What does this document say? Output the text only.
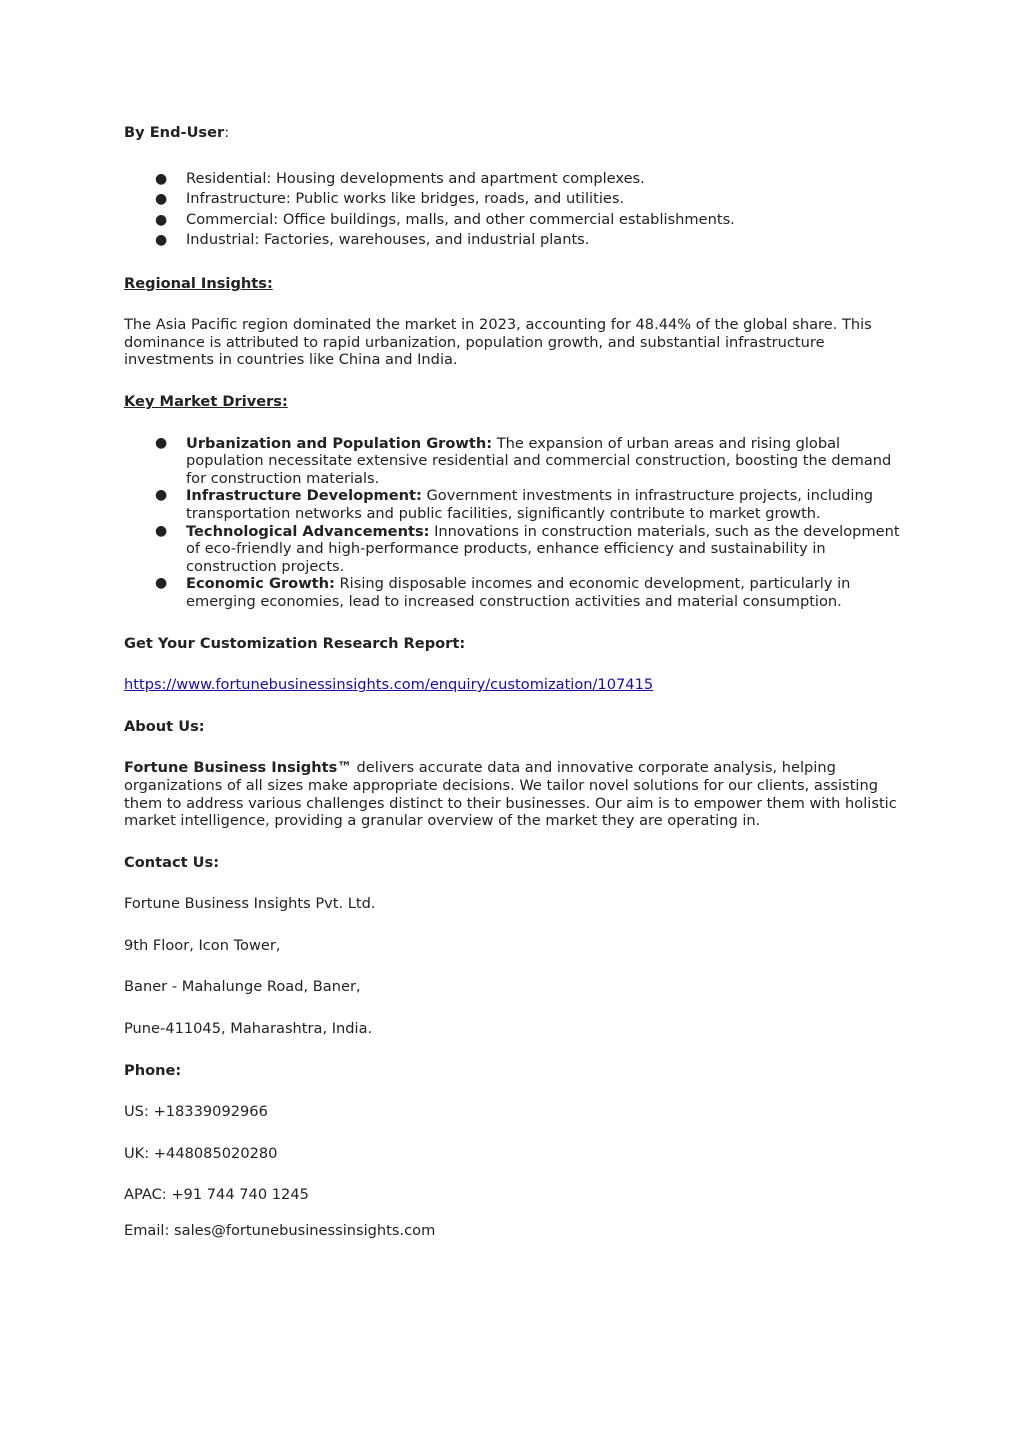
By End-User:

● Residential: Housing developments and apartment complexes.
● Infrastructure: Public works like bridges, roads, and utilities.
● Commercial: Office buildings, malls, and other commercial establishments.
● Industrial: Factories, warehouses, and industrial plants.

Regional Insights:

The Asia Pacific region dominated the market in 2023, accounting for 48.44% of the global share. This dominance is attributed to rapid urbanization, population growth, and substantial infrastructure investments in countries like China and India.

Key Market Drivers:

● Urbanization and Population Growth: The expansion of urban areas and rising global population necessitate extensive residential and commercial construction, boosting the demand for construction materials.
● Infrastructure Development: Government investments in infrastructure projects, including transportation networks and public facilities, significantly contribute to market growth.
● Technological Advancements: Innovations in construction materials, such as the development of eco-friendly and high-performance products, enhance efficiency and sustainability in construction projects.
● Economic Growth: Rising disposable incomes and economic development, particularly in emerging economies, lead to increased construction activities and material consumption.

Get Your Customization Research Report:

https://www.fortunebusinessinsights.com/enquiry/customization/107415

About Us:

Fortune Business Insights™ delivers accurate data and innovative corporate analysis, helping organizations of all sizes make appropriate decisions. We tailor novel solutions for our clients, assisting them to address various challenges distinct to their businesses. Our aim is to empower them with holistic market intelligence, providing a granular overview of the market they are operating in.

Contact Us:

Fortune Business Insights Pvt. Ltd.

9th Floor, Icon Tower,

Baner - Mahalunge Road, Baner,

Pune-411045, Maharashtra, India.

Phone:

US: +18339092966

UK: +448085020280

APAC: +91 744 740 1245

Email: sales@fortunebusinessinsights.com
